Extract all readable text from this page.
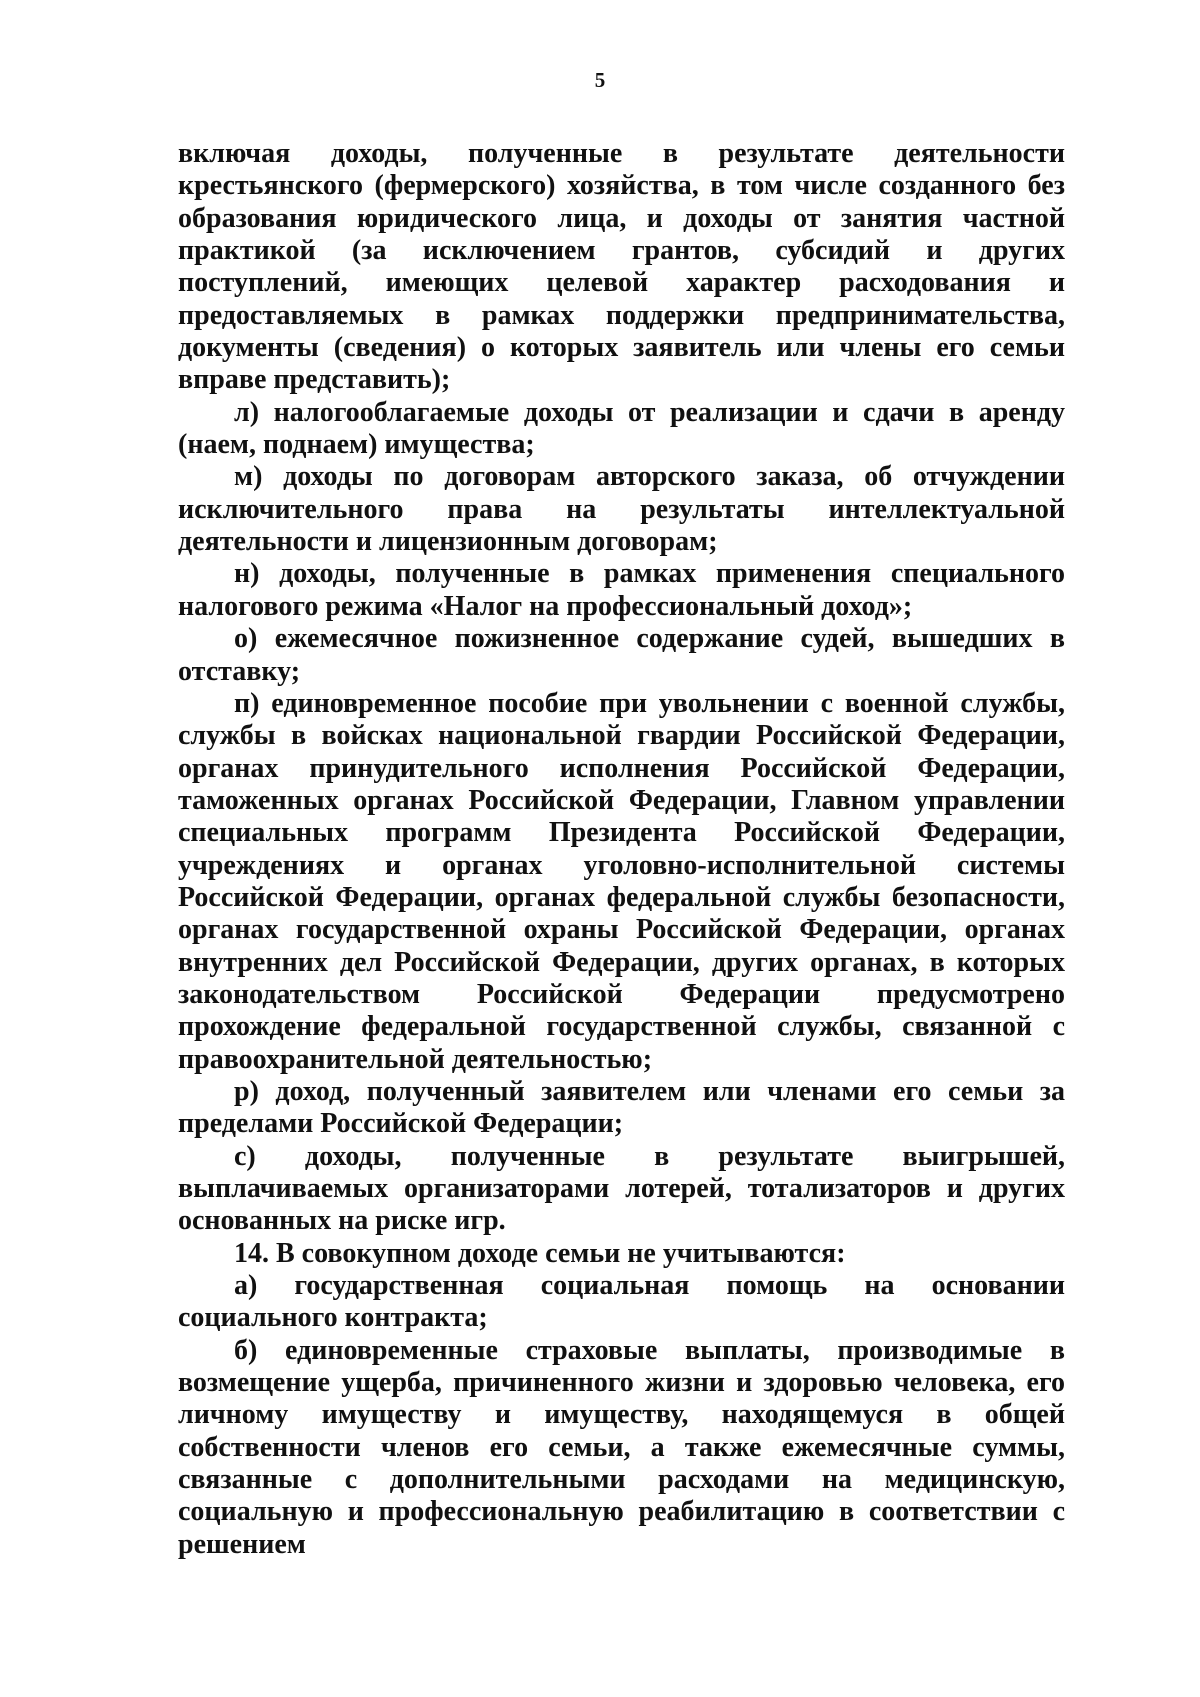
5

включая доходы, полученные в результате деятельности крестьянского (фермерского) хозяйства, в том числе созданного без образования юридического лица, и доходы от занятия частной практикой (за исключением грантов, субсидий и других поступлений, имеющих целевой характер расходования и предоставляемых в рамках поддержки предпринимательства, документы (сведения) о которых заявитель или члены его семьи вправе представить);

л) налогооблагаемые доходы от реализации и сдачи в аренду (наем, поднаем) имущества;

м) доходы по договорам авторского заказа, об отчуждении исключительного права на результаты интеллектуальной деятельности и лицензионным договорам;

н) доходы, полученные в рамках применения специального налогового режима «Налог на профессиональный доход»;

о) ежемесячное пожизненное содержание судей, вышедших в отставку;

п) единовременное пособие при увольнении с военной службы, службы в войсках национальной гвардии Российской Федерации, органах принудительного исполнения Российской Федерации, таможенных органах Российской Федерации, Главном управлении специальных программ Президента Российской Федерации, учреждениях и органах уголовно-исполнительной системы Российской Федерации, органах федеральной службы безопасности, органах государственной охраны Российской Федерации, органах внутренних дел Российской Федерации, других органах, в которых законодательством Российской Федерации предусмотрено прохождение федеральной государственной службы, связанной с правоохранительной деятельностью;

р) доход, полученный заявителем или членами его семьи за пределами Российской Федерации;

с) доходы, полученные в результате выигрышей, выплачиваемых организаторами лотерей, тотализаторов и других основанных на риске игр.

14. В совокупном доходе семьи не учитываются:

а) государственная социальная помощь на основании социального контракта;

б) единовременные страховые выплаты, производимые в возмещение ущерба, причиненного жизни и здоровью человека, его личному имуществу и имуществу, находящемуся в общей собственности членов его семьи, а также ежемесячные суммы, связанные с дополнительными расходами на медицинскую, социальную и профессиональную реабилитацию в соответствии с решением
